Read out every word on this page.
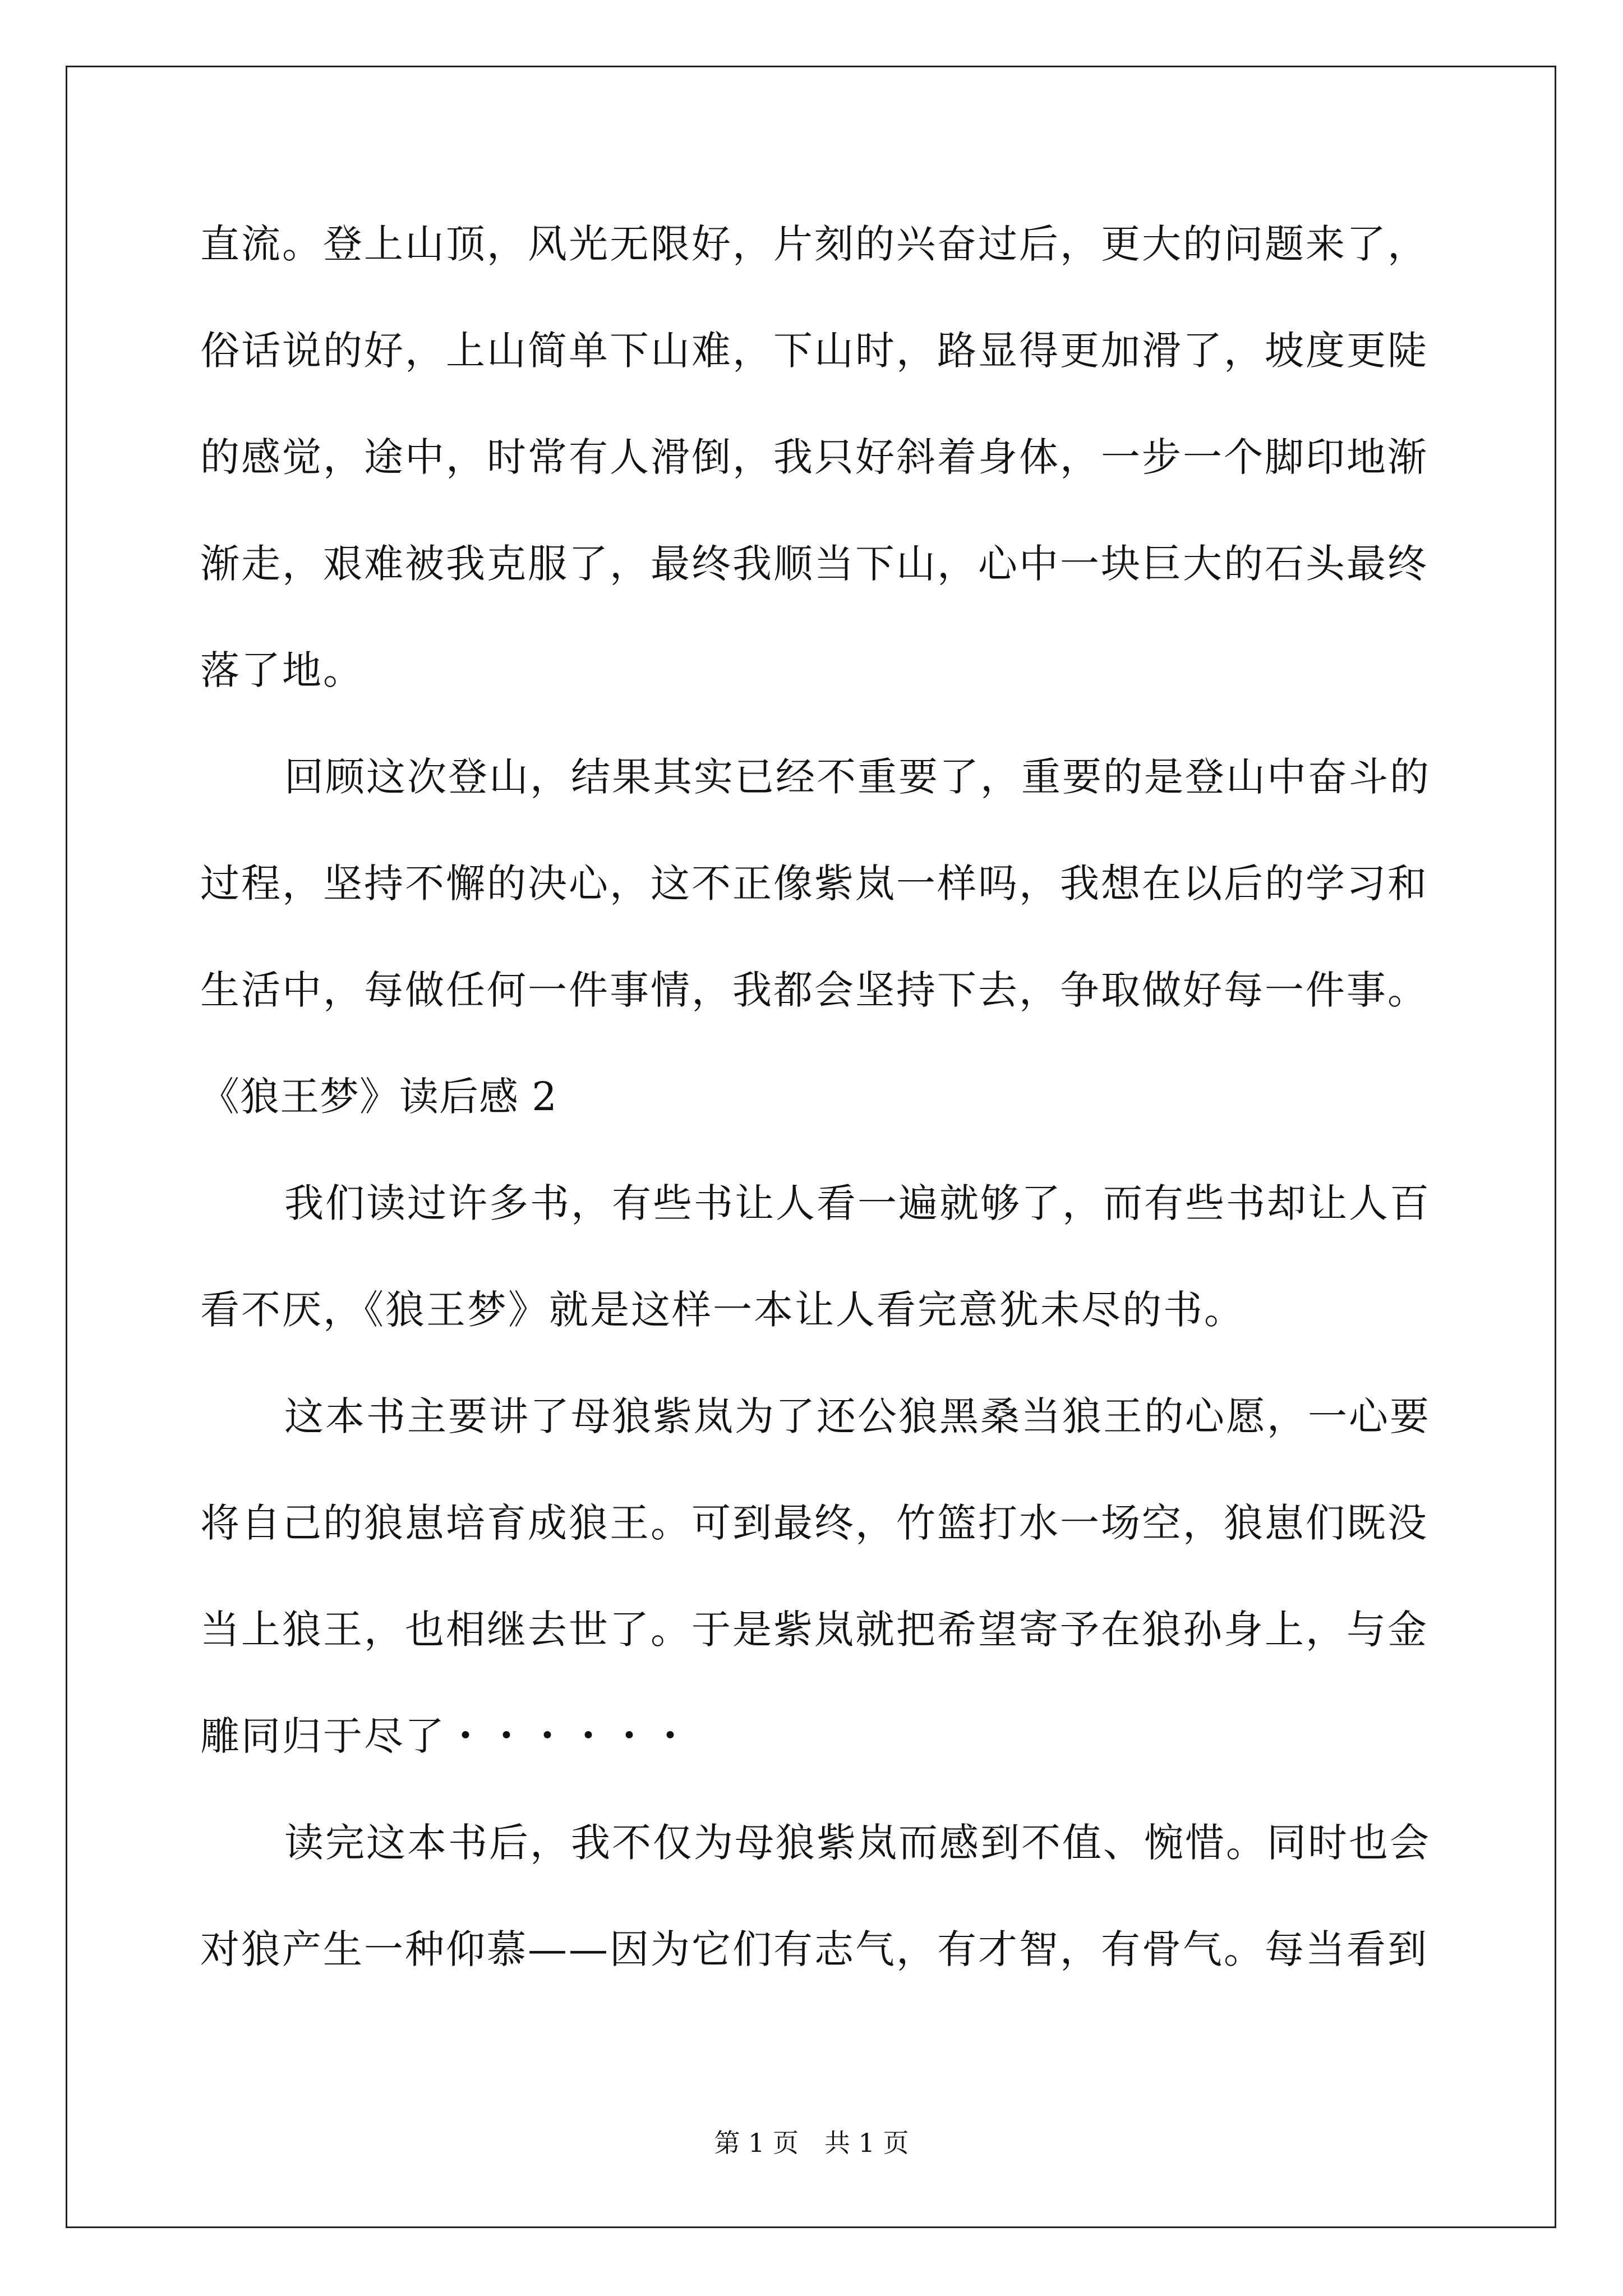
直流。登上山顶，风光无限好，片刻的兴奋过后，更大的问题来了，
俗话说的好，上山简单下山难，下山时，路显得更加滑了，坡度更陡
的感觉，途中，时常有人滑倒，我只好斜着身体，一步一个脚印地渐
渐走，艰难被我克服了，最终我顺当下山，心中一块巨大的石头最终
落了地。
回顾这次登山，结果其实已经不重要了，重要的是登山中奋斗的
过程，坚持不懈的决心，这不正像紫岚一样吗，我想在以后的学习和
生活中，每做任何一件事情，我都会坚持下去，争取做好每一件事。
《狼王梦》读后感 2
我们读过许多书，有些书让人看一遍就够了，而有些书却让人百
看不厌，《狼王梦》就是这样一本让人看完意犹未尽的书。
这本书主要讲了母狼紫岚为了还公狼黑桑当狼王的心愿，一心要
将自己的狼崽培育成狼王。可到最终，竹篮打水一场空，狼崽们既没
当上狼王，也相继去世了。于是紫岚就把希望寄予在狼孙身上，与金
雕同归于尽了・・・・・・
读完这本书后，我不仅为母狼紫岚而感到不值、惋惜。同时也会
对狼产生一种仰慕——因为它们有志气，有才智，有骨气。每当看到
第 1 页　共 1 页
